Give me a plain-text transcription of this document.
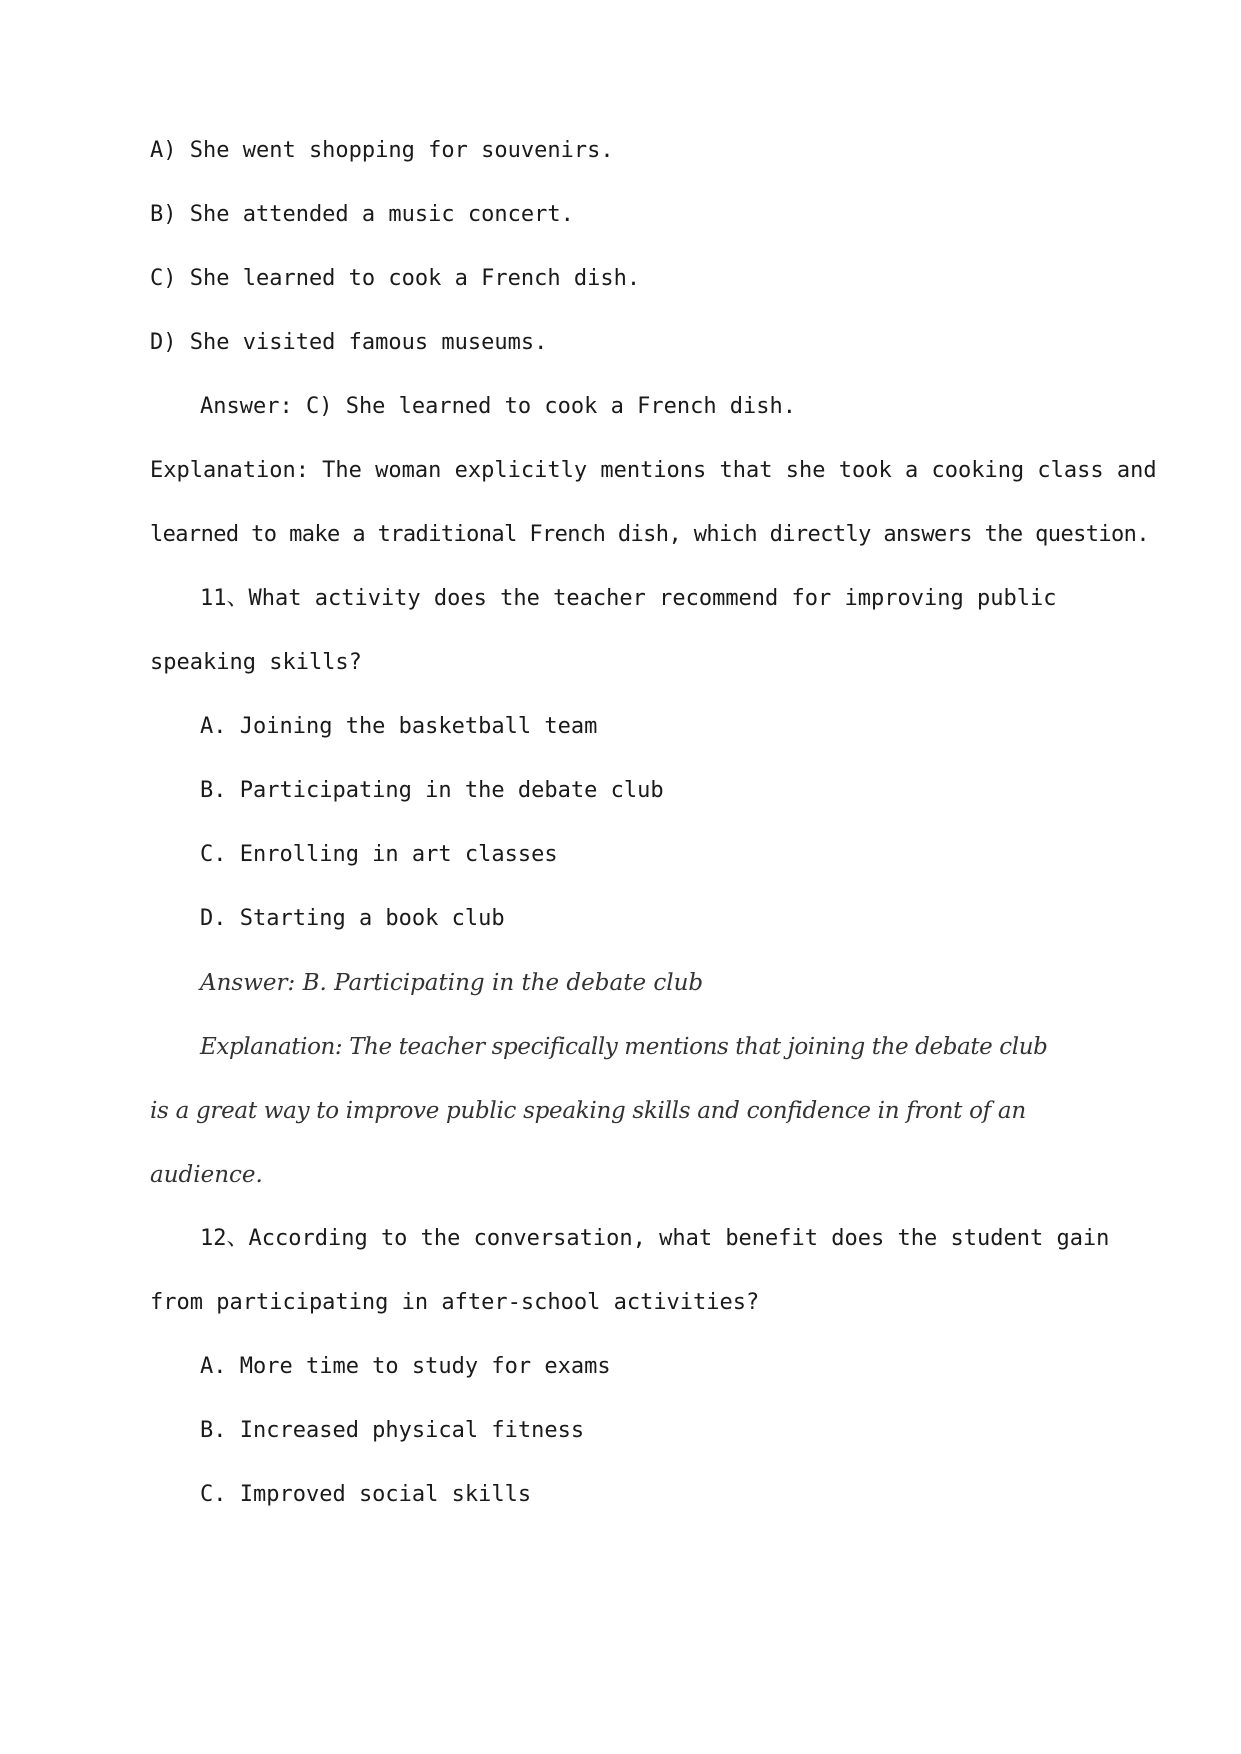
A) She went shopping for souvenirs.
B) She attended a music concert.
C) She learned to cook a French dish.
D) She visited famous museums.
Answer: C) She learned to cook a French dish.
Explanation: The woman explicitly mentions that she took a cooking class and
learned to make a traditional French dish, which directly answers the question.
11、What activity does the teacher recommend for improving public
speaking skills?
A. Joining the basketball team
B. Participating in the debate club
C. Enrolling in art classes
D. Starting a book club
Answer: B. Participating in the debate club
Explanation: The teacher specifically mentions that joining the debate club
is a great way to improve public speaking skills and confidence in front of an
audience.
12、According to the conversation, what benefit does the student gain
from participating in after-school activities?
A. More time to study for exams
B. Increased physical fitness
C. Improved social skills
